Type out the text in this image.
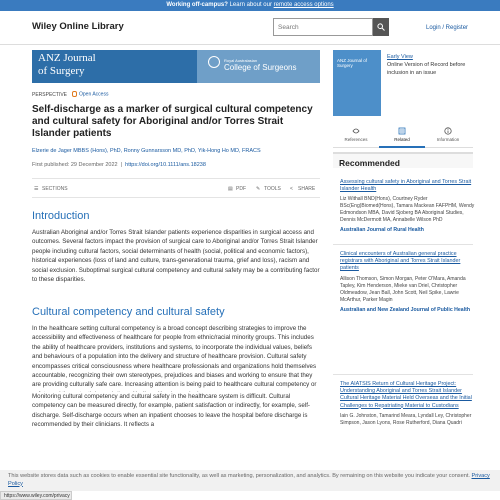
Working off-campus? Learn about our remote access options
Wiley Online Library	Search	Login / Register
ANZ Journal
of Surgery
Royal Australasian
College of Surgeons
PERSPECTIVE	Open Access
Self-discharge as a marker of surgical cultural competency and cultural safety for Aboriginal and/or Torres Strait Islander patients
Elzerie de Jager MBBS (Hons), PhD, Ronny Gunnarsson MD, PhD, Yik-Hong Ho MD, FRACS
First published: 29 December 2022  |  https://doi.org/10.1111/ans.18238
☰ SECTIONS	▤ PDF ✎ TOOLS < SHARE
Introduction
Australian Aboriginal and/or Torres Strait Islander patients experience disparities in surgical access and outcomes. Several factors impact the provision of surgical care to Aboriginal and/or Torres Strait Islander people including cultural factors, social determinants of health (social, political and economic factors), historical experiences (loss of land and culture, trans-generational trauma, grief and loss), racism and social exclusion. Suboptimal surgical cultural competency and cultural safety may be a contributing factor to these disparities.
Cultural competency and cultural safety
In the healthcare setting cultural competency is a broad concept describing strategies to improve the accessibility and effectiveness of healthcare for people from ethnic/racial minority groups. This includes the ability of healthcare providers, institutions and systems, to incorporate the individual values, beliefs and behaviours of a population into the delivery and structure of healthcare provision. Cultural safety encompasses critical consciousness where healthcare professionals and organizations hold themselves accountable, recognizing their own stereotypes, prejudices and biases and working to ensure that they are providing culturally safe care. Increasing attention is being paid to healthcare cultural competency or
Monitoring cultural competency and cultural safety in the healthcare system is difficult. Cultural competency can be measured directly, for example, patient satisfaction or indirectly, for example, self-discharge. Self-discharge occurs when an inpatient chooses to leave the hospital before discharge is recommended by their clinicians. It reflects a
ANZ Journal of Surgery
Early View
Online Version of Record before inclusion in an issue
References	Related	Information
Recommended
Assessing cultural safety in Aboriginal and Torres Strait Islander Health
Liz Withall BND(Hons), Courtney Ryder BSc(Eng)Biomed(Hons), Tamara Mackean FAFPHM, Wendy Edmondson MBA, David Sjoberg BA Aboriginal Studies, Dennis McDermott MA, Annabelle Wilson PhD
Australian Journal of Rural Health
Clinical encounters of Australian general practice registrars with Aboriginal and Torres Strait Islander patients
Allison Thomson, Simon Morgan, Peter O'Mara, Amanda Tapley, Kim Henderson, Mieke van Driel, Christopher Oldmeadow, Jean Ball, John Scott, Neil Spike, Lawrie McArthur, Parker Magin
Australian and New Zealand Journal of Public Health
The AIATSIS Return of Cultural Heritage Project: Understanding Aboriginal and Torres Strait Islander Cultural Heritage Material Held Overseas and the Initial Challenges to Repatriating Material to Custodians
Iain G. Johnston, Tamarind Meara, Lyndall Ley, Christopher Simpson, Jason Lyons, Rose Rutherford, Diana Quadri
This website stores data such as cookies to enable essential site functionality, as well as marketing, personalization, and analytics. By remaining on this website you indicate your consent. Privacy Policy
https://www.wiley.com/privacy
